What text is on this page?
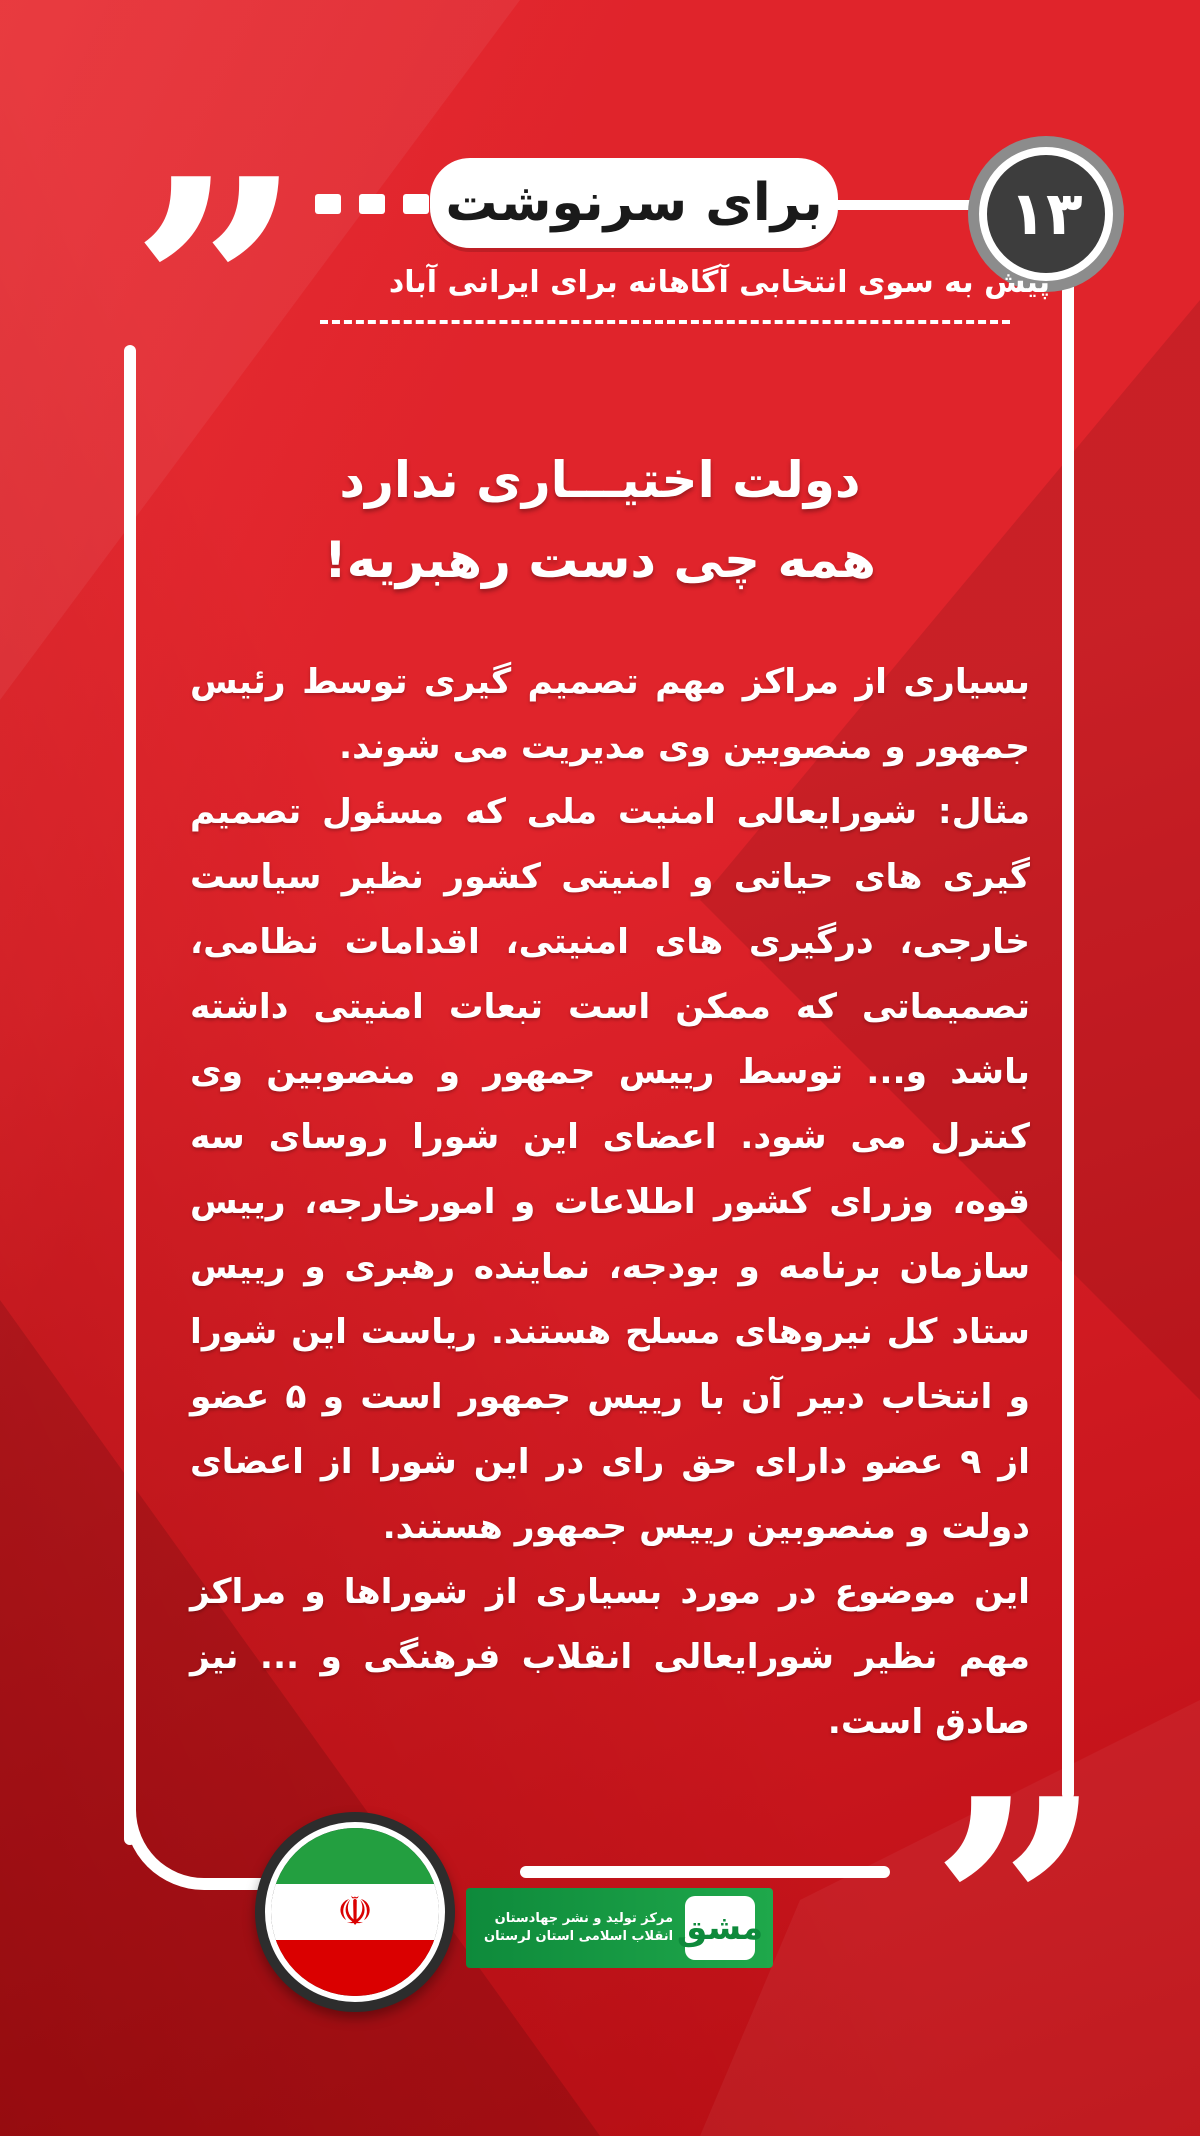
”	برای سرنوشت	۱۳
پیش به سوی انتخابی آگاهانه برای ایرانی آباد
دولت اختیـــاری ندارد
همه چی دست رهبریه!
بسیاری از مراکز مهم تصمیم گیری توسط رئیس جمهور و منصوبین وی مدیریت می شوند.
مثال: شورایعالی امنیت ملی که مسئول تصمیم گیری های حیاتی و امنیتی کشور نظیر سیاست خارجی، درگیری های امنیتی، اقدامات نظامی، تصمیماتی که ممکن است تبعات امنیتی داشته باشد و... توسط رییس جمهور و منصوبین وی کنترل می شود. اعضای این شورا روسای سه قوه، وزرای کشور اطلاعات و امورخارجه، رییس سازمان برنامه و بودجه، نماینده رهبری و رییس ستاد کل نیروهای مسلح هستند. ریاست این شورا و انتخاب دبیر آن با رییس جمهور است و ۵ عضو از ۹ عضو دارای حق رای در این شورا از اعضای دولت و منصوبین رییس جمهور هستند.
این موضوع در مورد بسیاری از شوراها و مراکز مهم نظیر شورایعالی انقلاب فرهنگی و ... نیز صادق است.
”
☫	مشق
مرکز تولید و نشر جهادستان
انقلاب اسلامی استان لرستان
